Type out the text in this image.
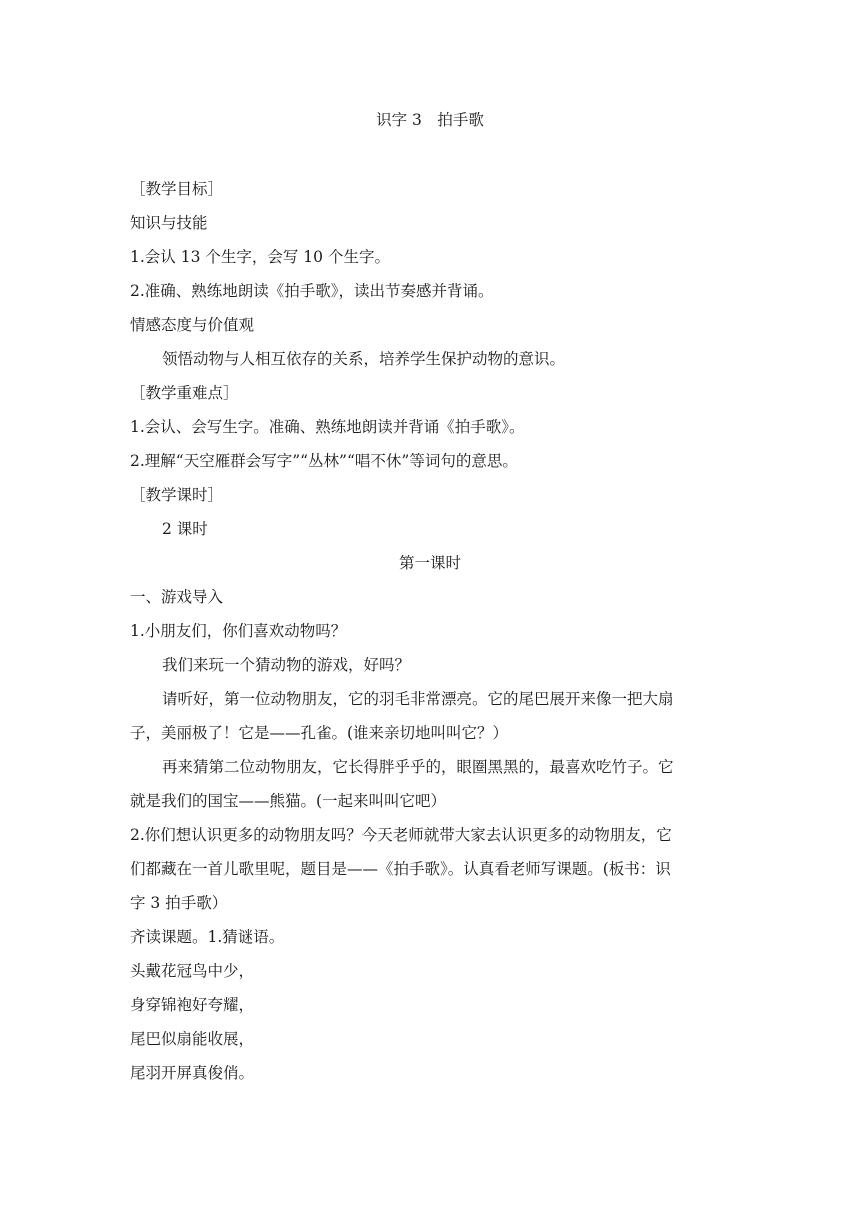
识字 3　拍手歌
［教学目标］
知识与技能
1.会认 13 个生字，会写 10 个生字。
2.准确、熟练地朗读《拍手歌》，读出节奏感并背诵。
情感态度与价值观
领悟动物与人相互依存的关系，培养学生保护动物的意识。
［教学重难点］
1.会认、会写生字。准确、熟练地朗读并背诵《拍手歌》。
2.理解“天空雁群会写字”“丛林”“唱不休”等词句的意思。
［教学课时］
2 课时
第一课时
一、游戏导入
1.小朋友们，你们喜欢动物吗？
我们来玩一个猜动物的游戏，好吗？
请听好，第一位动物朋友，它的羽毛非常漂亮。它的尾巴展开来像一把大扇
子，美丽极了！它是——孔雀。(谁来亲切地叫叫它？）
再来猜第二位动物朋友，它长得胖乎乎的，眼圈黑黑的，最喜欢吃竹子。它
就是我们的国宝——熊猫。(一起来叫叫它吧）
2.你们想认识更多的动物朋友吗？今天老师就带大家去认识更多的动物朋友，它
们都藏在一首儿歌里呢，题目是——《拍手歌》。认真看老师写课题。(板书：识
字 3 拍手歌）
齐读课题。1.猜谜语。
头戴花冠鸟中少，
身穿锦袍好夸耀，
尾巴似扇能收展，
尾羽开屏真俊俏。
